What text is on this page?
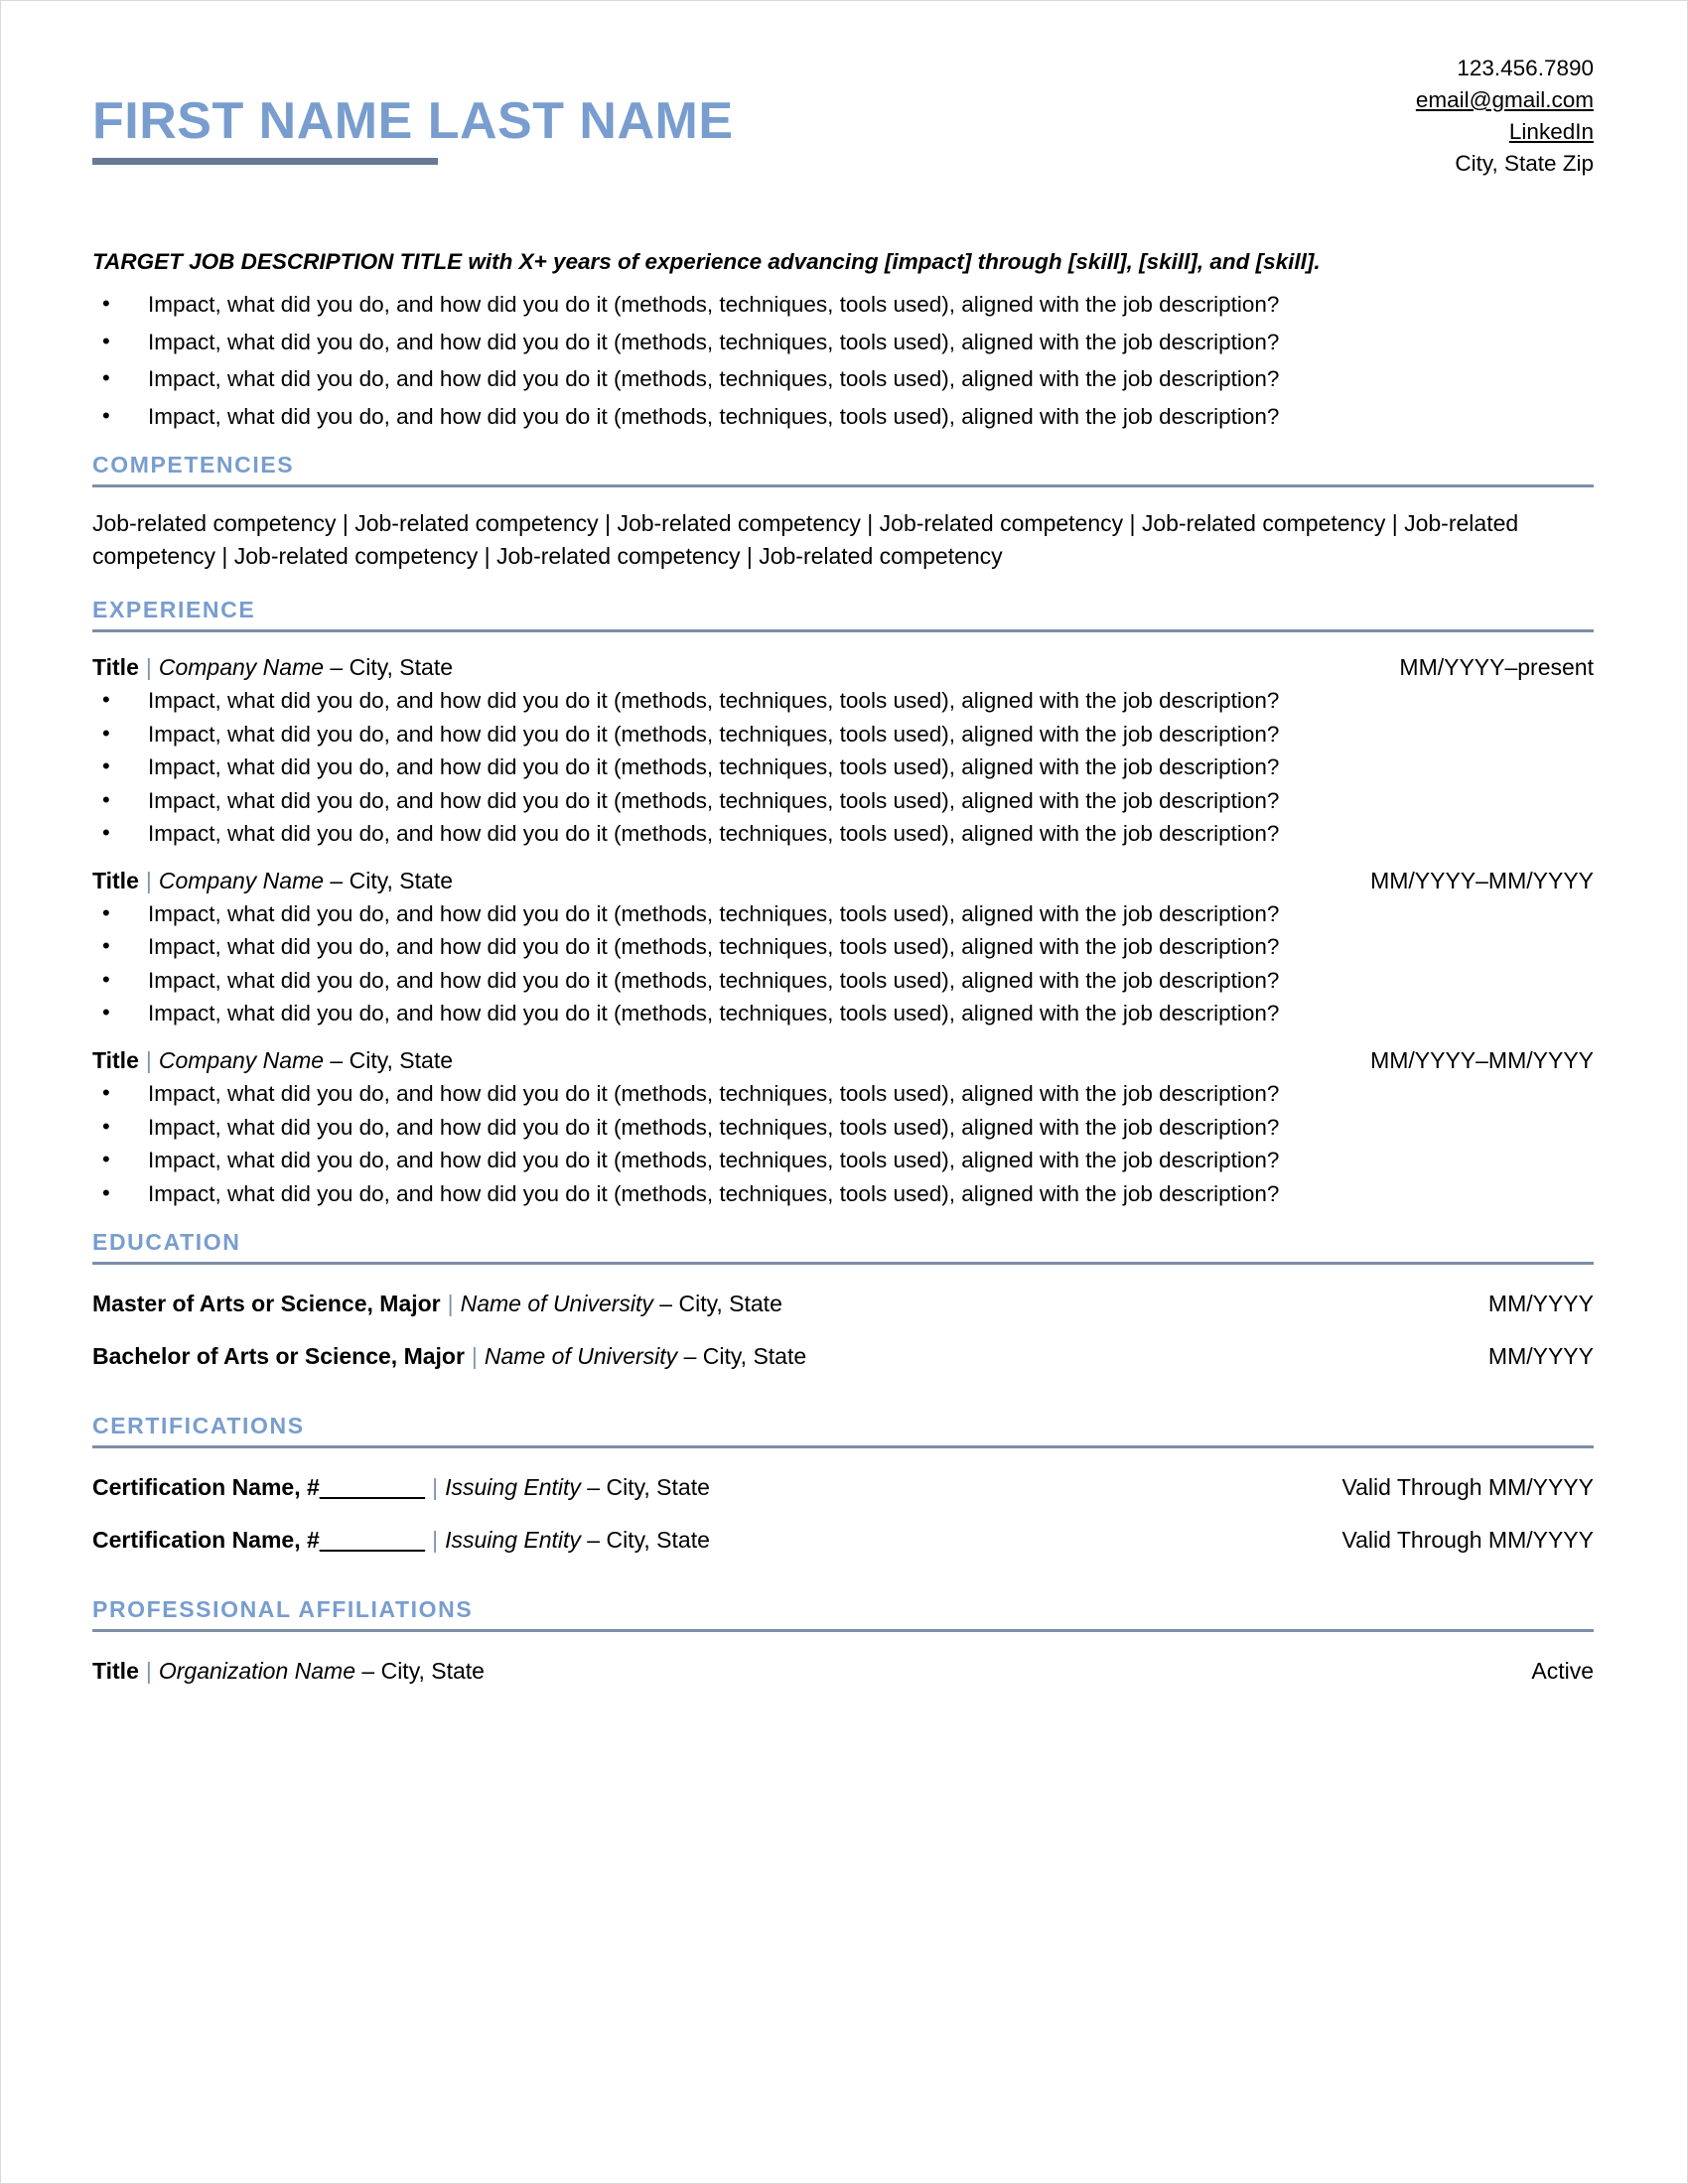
FIRST NAME LAST NAME
123.456.7890
email@gmail.com
LinkedIn
City, State Zip
TARGET JOB DESCRIPTION TITLE with X+ years of experience advancing [impact] through [skill], [skill], and [skill].
• Impact, what did you do, and how did you do it (methods, techniques, tools used), aligned with the job description?
• Impact, what did you do, and how did you do it (methods, techniques, tools used), aligned with the job description?
• Impact, what did you do, and how did you do it (methods, techniques, tools used), aligned with the job description?
• Impact, what did you do, and how did you do it (methods, techniques, tools used), aligned with the job description?
COMPETENCIES
Job-related competency | Job-related competency | Job-related competency | Job-related competency | Job-related competency | Job-related competency | Job-related competency | Job-related competency | Job-related competency
EXPERIENCE
Title | Company Name – City, State	MM/YYYY–present
• Impact, what did you do, and how did you do it (methods, techniques, tools used), aligned with the job description?
• Impact, what did you do, and how did you do it (methods, techniques, tools used), aligned with the job description?
• Impact, what did you do, and how did you do it (methods, techniques, tools used), aligned with the job description?
• Impact, what did you do, and how did you do it (methods, techniques, tools used), aligned with the job description?
• Impact, what did you do, and how did you do it (methods, techniques, tools used), aligned with the job description?
Title | Company Name – City, State	MM/YYYY–MM/YYYY
• Impact, what did you do, and how did you do it (methods, techniques, tools used), aligned with the job description?
• Impact, what did you do, and how did you do it (methods, techniques, tools used), aligned with the job description?
• Impact, what did you do, and how did you do it (methods, techniques, tools used), aligned with the job description?
• Impact, what did you do, and how did you do it (methods, techniques, tools used), aligned with the job description?
Title | Company Name – City, State	MM/YYYY–MM/YYYY
• Impact, what did you do, and how did you do it (methods, techniques, tools used), aligned with the job description?
• Impact, what did you do, and how did you do it (methods, techniques, tools used), aligned with the job description?
• Impact, what did you do, and how did you do it (methods, techniques, tools used), aligned with the job description?
• Impact, what did you do, and how did you do it (methods, techniques, tools used), aligned with the job description?
EDUCATION
Master of Arts or Science, Major | Name of University – City, State	MM/YYYY
Bachelor of Arts or Science, Major | Name of University – City, State	MM/YYYY
CERTIFICATIONS
Certification Name, #________ | Issuing Entity – City, State	Valid Through MM/YYYY
Certification Name, #________ | Issuing Entity – City, State	Valid Through MM/YYYY
PROFESSIONAL AFFILIATIONS
Title | Organization Name – City, State	Active
